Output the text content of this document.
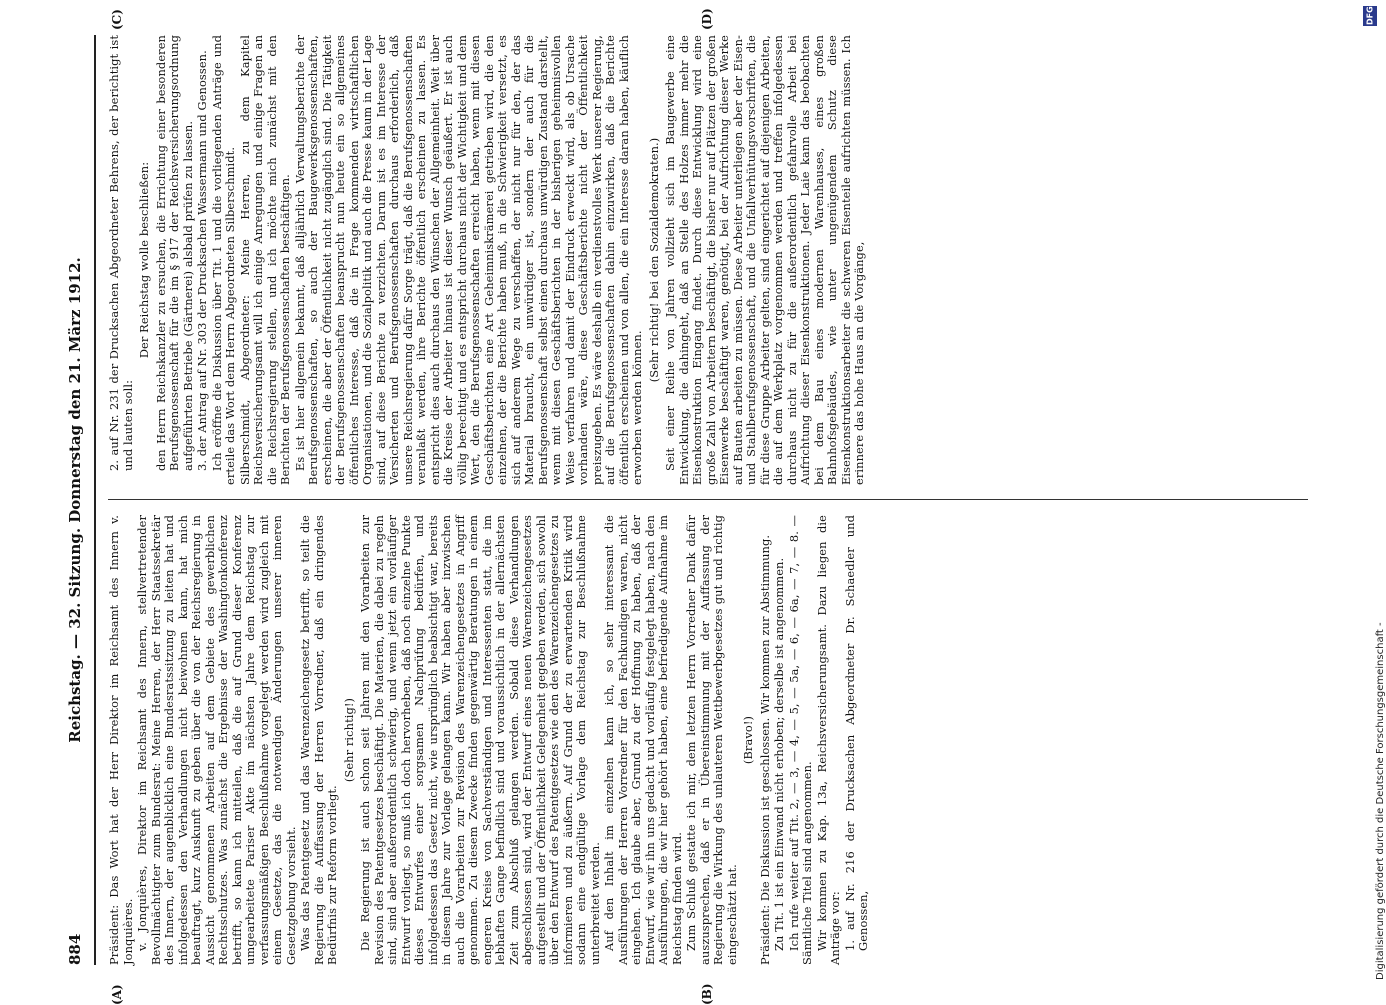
DFG
Digitalisierung gefördert durch die Deutsche Forschungsgemeinschaft -
884
Reichstag. — 32. Sitzung. Donnerstag den 21. März 1912.
(A)	(B)
(C)	(D)

Präsident: Das Wort hat der Herr Direktor im Reichsamt des Innern v. Jonquières. v. Jonquières, Direktor im Reichsamt des Innern, stellvertretender Bevollmächtigter zum Bundesrat: Meine Herren, der Herr Staatssekretär des Innern, der augenblicklich eine Bundesratssitzung zu leiten hat und infolgedessen den Verhandlungen nicht beiwohnen kann, hat mich beauftragt, kurz Auskunft zu geben über die von der Reichsregierung in Aussicht genommenen Arbeiten auf dem Gebiete des gewerblichen Rechtsschutzes. Was zunächst die Ergebnisse der Washingtonkonferenz betrifft, so kann ich mitteilen, daß die auf Grund dieser Konferenz umgearbeitete Pariser Akte im nächsten Jahre dem Reichstag zur verfassungsmäßigen Beschlußnahme vorgelegt werden wird zugleich mit einem Gesetze, das die notwendigen Änderungen unserer inneren Gesetzgebung vorsieht. Was das Patentgesetz und das Warenzeichengesetz betrifft, so teilt die Regierung die Auffassung der Herren Vorredner, daß ein dringendes Bedürfnis zur Reform vorliegt.

(Sehr richtig!) Die Regierung ist auch schon seit Jahren mit den Vorarbeiten zur Revision des Patentgesetzes beschäftigt. Die Materien, die dabei zu regeln sind, sind aber außerordentlich schwierig, und wenn jetzt ein vorläufiger Entwurf vorliegt, so muß ich doch hervorheben, daß noch einzelne Punkte dieses Entwurfes einer sorgsamen Nachprüfung bedürfen, und infolgedessen das Gesetz nicht, wie ursprünglich beabsichtigt war, bereits in diesem Jahre zur Vorlage gelangen kann. Wir haben aber inzwischen auch die Vorarbeiten zur Revision des Warenzeichengesetzes in Angriff genommen. Zu diesem Zwecke finden gegenwärtig Beratungen in einem engeren Kreise von Sachverständigen und Interessenten statt, die im lebhaften Gange befindlich sind und voraussichtlich in der allernächsten Zeit zum Abschluß gelangen werden. Sobald diese Verhandlungen abgeschlossen sind, wird der Entwurf eines neuen Warenzeichengesetzes aufgestellt und der Öffentlichkeit Gelegenheit gegeben werden, sich sowohl über den Entwurf des Patentgesetzes wie den des Warenzeichengesetzes zu informieren und zu äußern. Auf Grund der zu erwartenden Kritik wird sodann eine endgültige Vorlage dem Reichstag zur Beschlußnahme unterbreitet werden. Auf den Inhalt im einzelnen kann ich, so sehr interessant die Ausführungen der Herren Vorredner für den Fachkundigen waren, nicht eingehen. Ich glaube aber, Grund zu der Hoffnung zu haben, daß der Entwurf, wie wir ihn uns gedacht und vorläufig festgelegt haben, nach den Ausführungen, die wir hier gehört haben, eine befriedigende Aufnahme im Reichstag finden wird. Zum Schluß gestatte ich mir, dem letzten Herrn Vorredner Dank dafür auszusprechen, daß er in Übereinstimmung mit der Auffassung der Regierung die Wirkung des unlauteren Wettbewerbgesetzes gut und richtig eingeschätzt hat.

(Bravo!) Präsident: Die Diskussion ist geschlossen. Wir kommen zur Abstimmung. Zu Tit. 1 ist ein Einwand nicht erhoben; derselbe ist angenommen. Ich rufe weiter auf Tit. 2, — 3, — 4, — 5, — 5a, — 6, — 6a, — 7, — 8. — Sämtliche Titel sind angenommen. Wir kommen zu Kap. 13a, Reichsversicherungsamt. Dazu liegen die Anträge vor: 1. auf Nr. 216 der Drucksachen Abgeordneter Dr. Schaedler und Genossen,

2. auf Nr. 231 der Drucksachen Abgeordneter Behrens, der berichtigt ist und lauten soll:

Der Reichstag wolle beschließen: den Herrn Reichskanzler zu ersuchen, die Errichtung einer besonderen Berufsgenossenschaft für die im § 917 der Reichsversicherungsordnung aufgeführten Betriebe (Gärtnerei) alsbald prüfen zu lassen. 3. der Antrag auf Nr. 303 der Drucksachen Wassermann und Genossen. Ich eröffne die Diskussion über Tit. 1 und die vorliegenden Anträge und erteile das Wort dem Herrn Abgeordneten Silberschmidt. Silberschmidt, Abgeordneter: Meine Herren, zu dem Kapitel Reichsversicherungsamt will ich einige Anregungen und einige Fragen an die Reichsregierung stellen, und ich möchte mich zunächst mit den Berichten der Berufsgenossenschaften beschäftigen. Es ist hier allgemein bekannt, daß alljährlich Verwaltungsberichte der Berufsgenossenschaften, so auch der Baugewerksgenossenschaften, erscheinen, die aber der Öffentlichkeit nicht zugänglich sind. Die Tätigkeit der Berufsgenossenschaften beansprucht nun heute ein so allgemeines öffentliches Interesse, daß die in Frage kommenden wirtschaftlichen Organisationen, und die Sozialpolitik und auch die Presse kaum in der Lage sind, auf diese Berichte zu verzichten. Darum ist es im Interesse der Versicherten und Berufsgenossenschaften durchaus erforderlich, daß unsere Reichsregierung dafür Sorge trägt, daß die Berufsgenossenschaften veranlaßt werden, ihre Berichte öffentlich erscheinen zu lassen. Es entspricht dies auch durchaus den Wünschen der Allgemeinheit. Weit über die Kreise der Arbeiter hinaus ist dieser Wunsch geäußert. Er ist auch völlig berechtigt und es entspricht durchaus nicht der Wichtigkeit und dem Wert, den die Berufsgenossenschaften erreicht haben, wenn mit diesen Geschäftsberichten eine Art Geheimniskrämerei getrieben wird, die den einzelnen, der die Berichte haben muß, in die Schwierigkeit versetzt, es sich auf anderem Wege zu verschaffen, der nicht nur für den, der das Material braucht, ein unwürdiger ist, sondern der auch für die Berufsgenossenschaft selbst einen durchaus unwürdigen Zustand darstellt, wenn mit diesen Geschäftsberichten in der bisherigen geheimnisvollen Weise verfahren und damit der Eindruck erweckt wird, als ob Ursache vorhanden wäre, diese Geschäftsberichte nicht der Öffentlichkeit preiszugeben. Es wäre deshalb ein verdienstvolles Werk unserer Regierung, auf die Berufsgenossenschaften dahin einzuwirken, daß die Berichte öffentlich erscheinen und von allen, die ein Interesse daran haben, käuflich erworben werden können.

(Sehr richtig! bei den Sozialdemokraten.) Seit einer Reihe von Jahren vollzieht sich im Baugewerbe eine Entwicklung, die dahingeht, daß an Stelle des Holzes immer mehr die Eisenkonstruktion Eingang findet. Durch diese Entwicklung wird eine große Zahl von Arbeitern beschäftigt, die bisher nur auf Plätzen der großen Eisenwerke beschäftigt waren, genötigt, bei der Aufrichtung dieser Werke auf Bauten arbeiten zu müssen. Diese Arbeiter unterliegen aber der Eisen- und Stahlberufsgenossenschaft, und die Unfallverhütungsvorschriften, die für diese Gruppe Arbeiter gelten, sind eingerichtet auf diejenigen Arbeiten, die auf dem Werkplatz vorgenommen werden und treffen infolgedessen durchaus nicht zu für die außerordentlich gefahrvolle Arbeit bei Aufrichtung dieser Eisenkonstruktionen. Jeder Laie kann das beobachten bei dem Bau eines modernen Warenhauses, eines großen Bahnhofsgebäudes, wie unter ungenügendem Schutz diese Eisenkonstruktionsarbeiter die schweren Eisenteile aufrichten müssen. Ich erinnere das hohe Haus an die Vorgänge,
